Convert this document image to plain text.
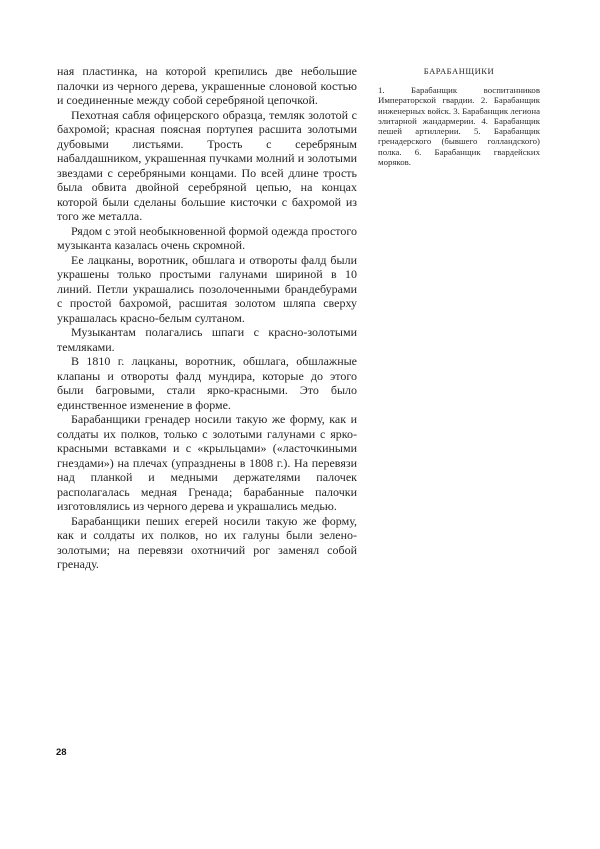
ная пластинка, на которой крепились две небольшие палочки из черного дерева, украшенные слоновой костью и соединенные между собой серебряной цепочкой.

Пехотная сабля офицерского образца, темляк золотой с бахромой; красная поясная портупея расшита золотыми дубовыми листьями. Трость с серебряным набалдашником, украшенная пучками молний и золотыми звездами с серебряными концами. По всей длине трость была обвита двойной серебряной цепью, на концах которой были сделаны большие кисточки с бахромой из того же металла.

Рядом с этой необыкновенной формой одежда простого музыканта казалась очень скромной.

Ее лацканы, воротник, обшлага и отвороты фалд были украшены только простыми галунами шириной в 10 линий. Петли украшались позолоченными брандебурами с простой бахромой, расшитая золотом шляпа сверху украшалась красно-белым султаном.

Музыкантам полагались шпаги с красно-золотыми темляками.

В 1810 г. лацканы, воротник, обшлага, обшлажные клапаны и отвороты фалд мундира, которые до этого были багровыми, стали ярко-красными. Это было единственное изменение в форме.

Барабанщики гренадер носили такую же форму, как и солдаты их полков, только с золотыми галунами с ярко-красными вставками и с «крыльцами» («ласточкиными гнездами») на плечах (упразднены в 1808 г.). На перевязи над планкой и медными держателями палочек располагалась медная Гренада; барабанные палочки изготовлялись из черного дерева и украшались медью.

Барабанщики пеших егерей носили такую же форму, как и солдаты их полков, но их галуны были зелено-золотыми; на перевязи охотничий рог заменял собой гренаду.

БАРАБАНЩИКИ

1. Барабанщик воспитанников Императорской гвардии. 2. Барабанщик инженерных войск. 3. Барабанщик легиона элитарной жандармерии. 4. Барабанщик пешей артиллерии. 5. Барабанщик гренадерского (бывшего голландского) полка. 6. Барабанщик гвардейских моряков.

28
